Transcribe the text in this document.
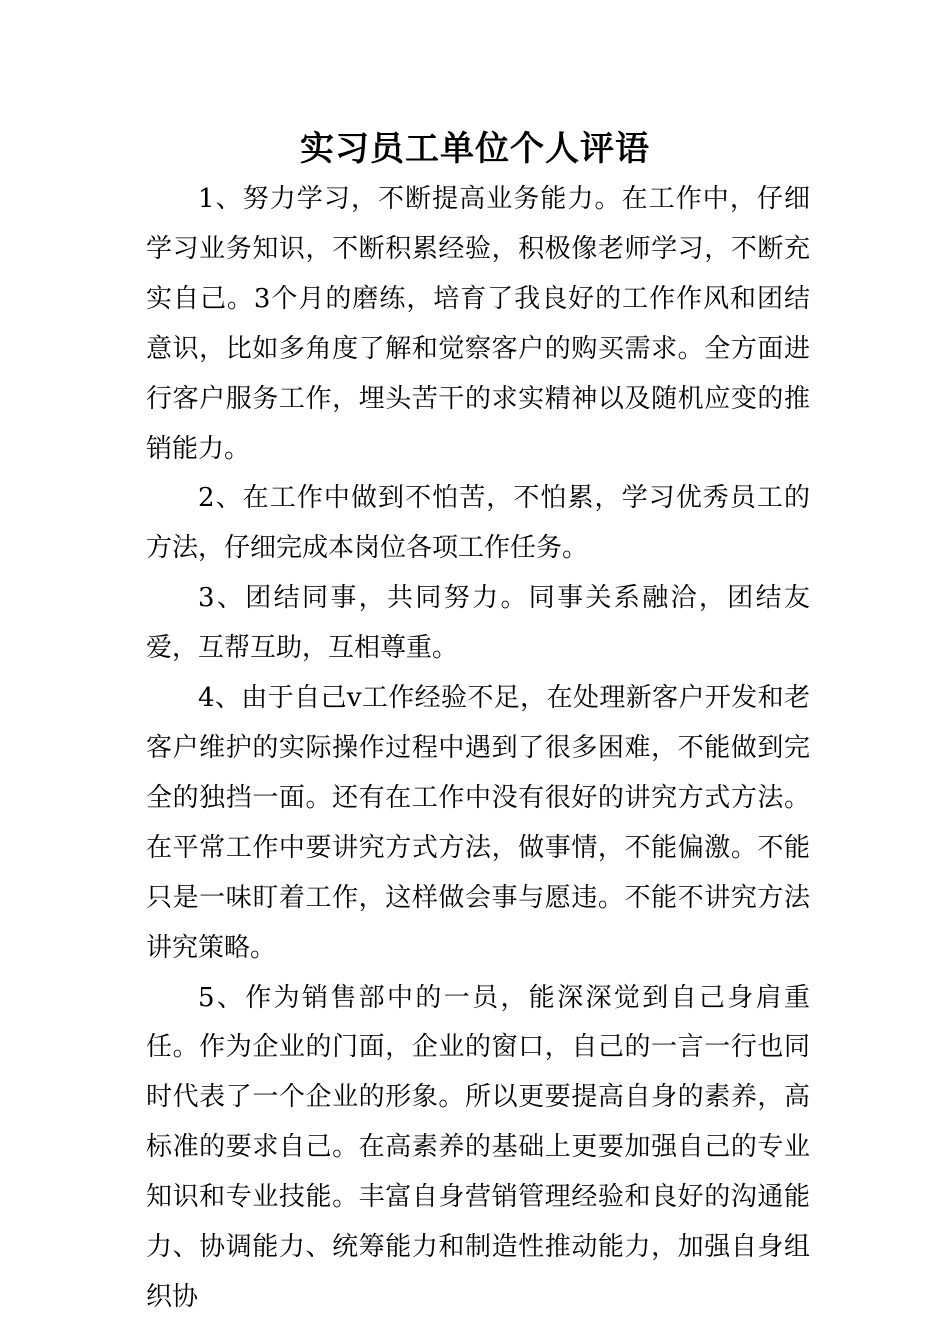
实习员工单位个人评语

1、努力学习，不断提高业务能力。在工作中，仔细学习业务知识，不断积累经验，积极像老师学习，不断充实自己。3个月的磨练，培育了我良好的工作作风和团结意识，比如多角度了解和觉察客户的购买需求。全方面进行客户服务工作，埋头苦干的求实精神以及随机应变的推销能力。

2、在工作中做到不怕苦，不怕累，学习优秀员工的方法，仔细完成本岗位各项工作任务。

3、团结同事，共同努力。同事关系融洽，团结友爱，互帮互助，互相尊重。

4、由于自己v工作经验不足，在处理新客户开发和老客户维护的实际操作过程中遇到了很多困难，不能做到完全的独挡一面。还有在工作中没有很好的讲究方式方法。在平常工作中要讲究方式方法，做事情，不能偏激。不能只是一味盯着工作，这样做会事与愿违。不能不讲究方法讲究策略。

5、作为销售部中的一员，能深深觉到自己身肩重任。作为企业的门面，企业的窗口，自己的一言一行也同时代表了一个企业的形象。所以更要提高自身的素养，高标准的要求自己。在高素养的基础上更要加强自己的专业知识和专业技能。丰富自身营销管理经验和良好的沟通能力、协调能力、统筹能力和制造性推动能力，加强自身组织协
